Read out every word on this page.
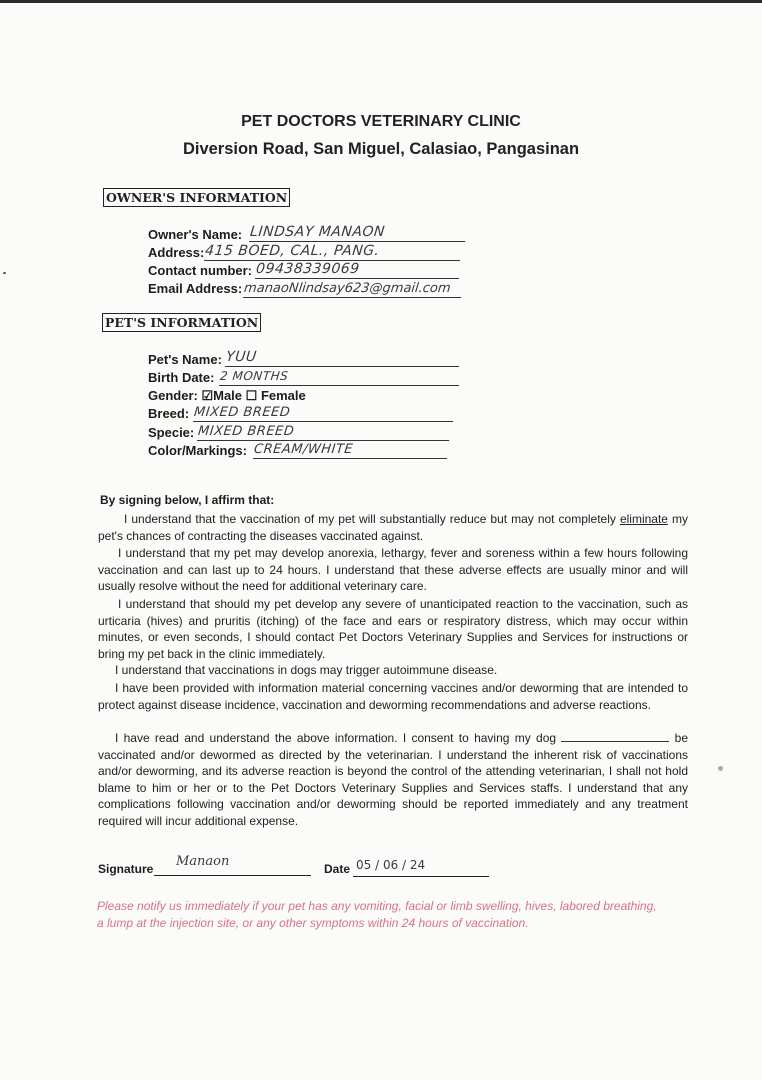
PET DOCTORS VETERINARY CLINIC
Diversion Road, San Miguel, Calasiao, Pangasinan
OWNER'S INFORMATION
Owner's Name: LINDSAY MANAON
Address: 415 BOED, CAL., PANG.
Contact number: 09438339069
Email Address: manaoNlindsay623@gmail.com
PET'S INFORMATION
Pet's Name: YUU
Birth Date: 2 MONTHS
Gender: ☑Male ☐ Female
Breed: MIXED BREED
Specie: MIXED BREED
Color/Markings: CREAM/WHITE
By signing below, I affirm that:
I understand that the vaccination of my pet will substantially reduce but may not completely eliminate my pet's chances of contracting the diseases vaccinated against.
I understand that my pet may develop anorexia, lethargy, fever and soreness within a few hours following vaccination and can last up to 24 hours. I understand that these adverse effects are usually minor and will usually resolve without the need for additional veterinary care.
I understand that should my pet develop any severe of unanticipated reaction to the vaccination, such as urticaria (hives) and pruritis (itching) of the face and ears or respiratory distress, which may occur within minutes, or even seconds, I should contact Pet Doctors Veterinary Supplies and Services for instructions or bring my pet back in the clinic immediately.
I understand that vaccinations in dogs may trigger autoimmune disease.
I have been provided with information material concerning vaccines and/or deworming that are intended to protect against disease incidence, vaccination and deworming recommendations and adverse reactions.
I have read and understand the above information. I consent to having my dog	be vaccinated and/or dewormed as directed by the veterinarian. I understand the inherent risk of vaccinations and/or deworming, and its adverse reaction is beyond the control of the attending veterinarian, I shall not hold blame to him or her or to the Pet Doctors Veterinary Supplies and Services staffs. I understand that any complications following vaccination and/or deworming should be reported immediately and any treatment required will incur additional expense.
Signature Manaon	Date 05 / 06 / 24
Please notify us immediately if your pet has any vomiting, facial or limb swelling, hives, labored breathing, a lump at the injection site, or any other symptoms within 24 hours of vaccination.
